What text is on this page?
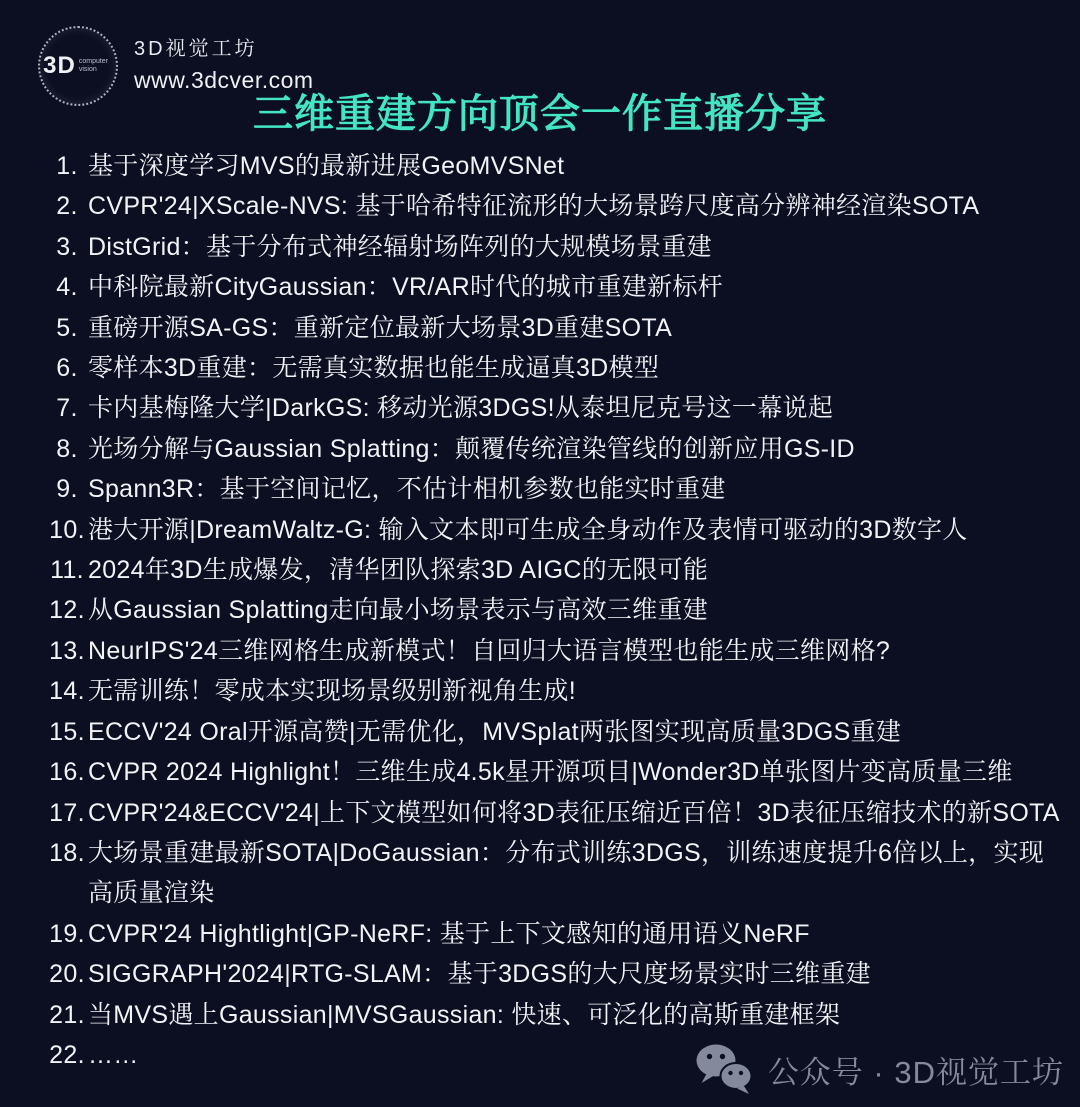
3D computer vision
3D视觉工坊
www.3dcver.com
三维重建方向顶会一作直播分享
1. 基于深度学习MVS的最新进展GeoMVSNet
2. CVPR'24|XScale-NVS: 基于哈希特征流形的大场景跨尺度高分辨神经渲染SOTA
3. DistGrid：基于分布式神经辐射场阵列的大规模场景重建
4. 中科院最新CityGaussian：VR/AR时代的城市重建新标杆
5. 重磅开源SA-GS：重新定位最新大场景3D重建SOTA
6. 零样本3D重建：无需真实数据也能生成逼真3D模型
7. 卡内基梅隆大学|DarkGS: 移动光源3DGS!从泰坦尼克号这一幕说起
8. 光场分解与Gaussian Splatting：颠覆传统渲染管线的创新应用GS-ID
9. Spann3R：基于空间记忆，不估计相机参数也能实时重建
10. 港大开源|DreamWaltz-G: 输入文本即可生成全身动作及表情可驱动的3D数字人
11. 2024年3D生成爆发，清华团队探索3D AIGC的无限可能
12. 从Gaussian Splatting走向最小场景表示与高效三维重建
13. NeurIPS'24三维网格生成新模式！自回归大语言模型也能生成三维网格?
14. 无需训练！零成本实现场景级别新视角生成!
15. ECCV'24 Oral开源高赞|无需优化，MVSplat两张图实现高质量3DGS重建
16. CVPR 2024 Highlight！三维生成4.5k星开源项目|Wonder3D单张图片变高质量三维
17. CVPR'24&ECCV'24|上下文模型如何将3D表征压缩近百倍！3D表征压缩技术的新SOTA
18. 大场景重建最新SOTA|DoGaussian：分布式训练3DGS，训练速度提升6倍以上，实现高质量渲染
19. CVPR'24 Hightlight|GP-NeRF: 基于上下文感知的通用语义NeRF
20. SIGGRAPH'2024|RTG-SLAM：基于3DGS的大尺度场景实时三维重建
21. 当MVS遇上Gaussian|MVSGaussian: 快速、可泛化的高斯重建框架
22. ……	公众号 · 3D视觉工坊
